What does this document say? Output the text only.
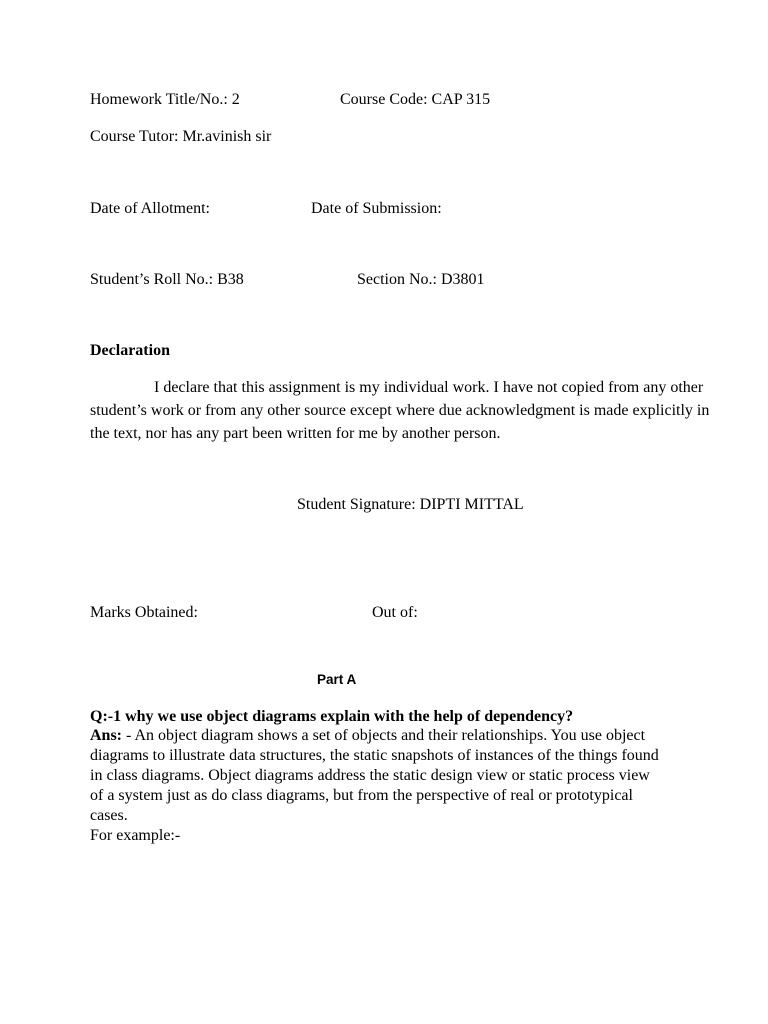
Homework Title/No.: 2	Course Code: CAP 315
Course Tutor: Mr.avinish sir
Date of Allotment:	Date of Submission:
Student’s Roll No.: B38	Section No.: D3801
Declaration
I declare that this assignment is my individual work. I have not copied from any other student’s work or from any other source except where due acknowledgment is made explicitly in the text, nor has any part been written for me by another person.
Student Signature: DIPTI MITTAL
Marks Obtained:	Out of:
Part A
Q:-1 why we use object diagrams explain with the help of dependency?
Ans: - An object diagram shows a set of objects and their relationships. You use object
diagrams to illustrate data structures, the static snapshots of instances of the things found
in class diagrams. Object diagrams address the static design view or static process view
of a system just as do class diagrams, but from the perspective of real or prototypical
cases.
For example:-
